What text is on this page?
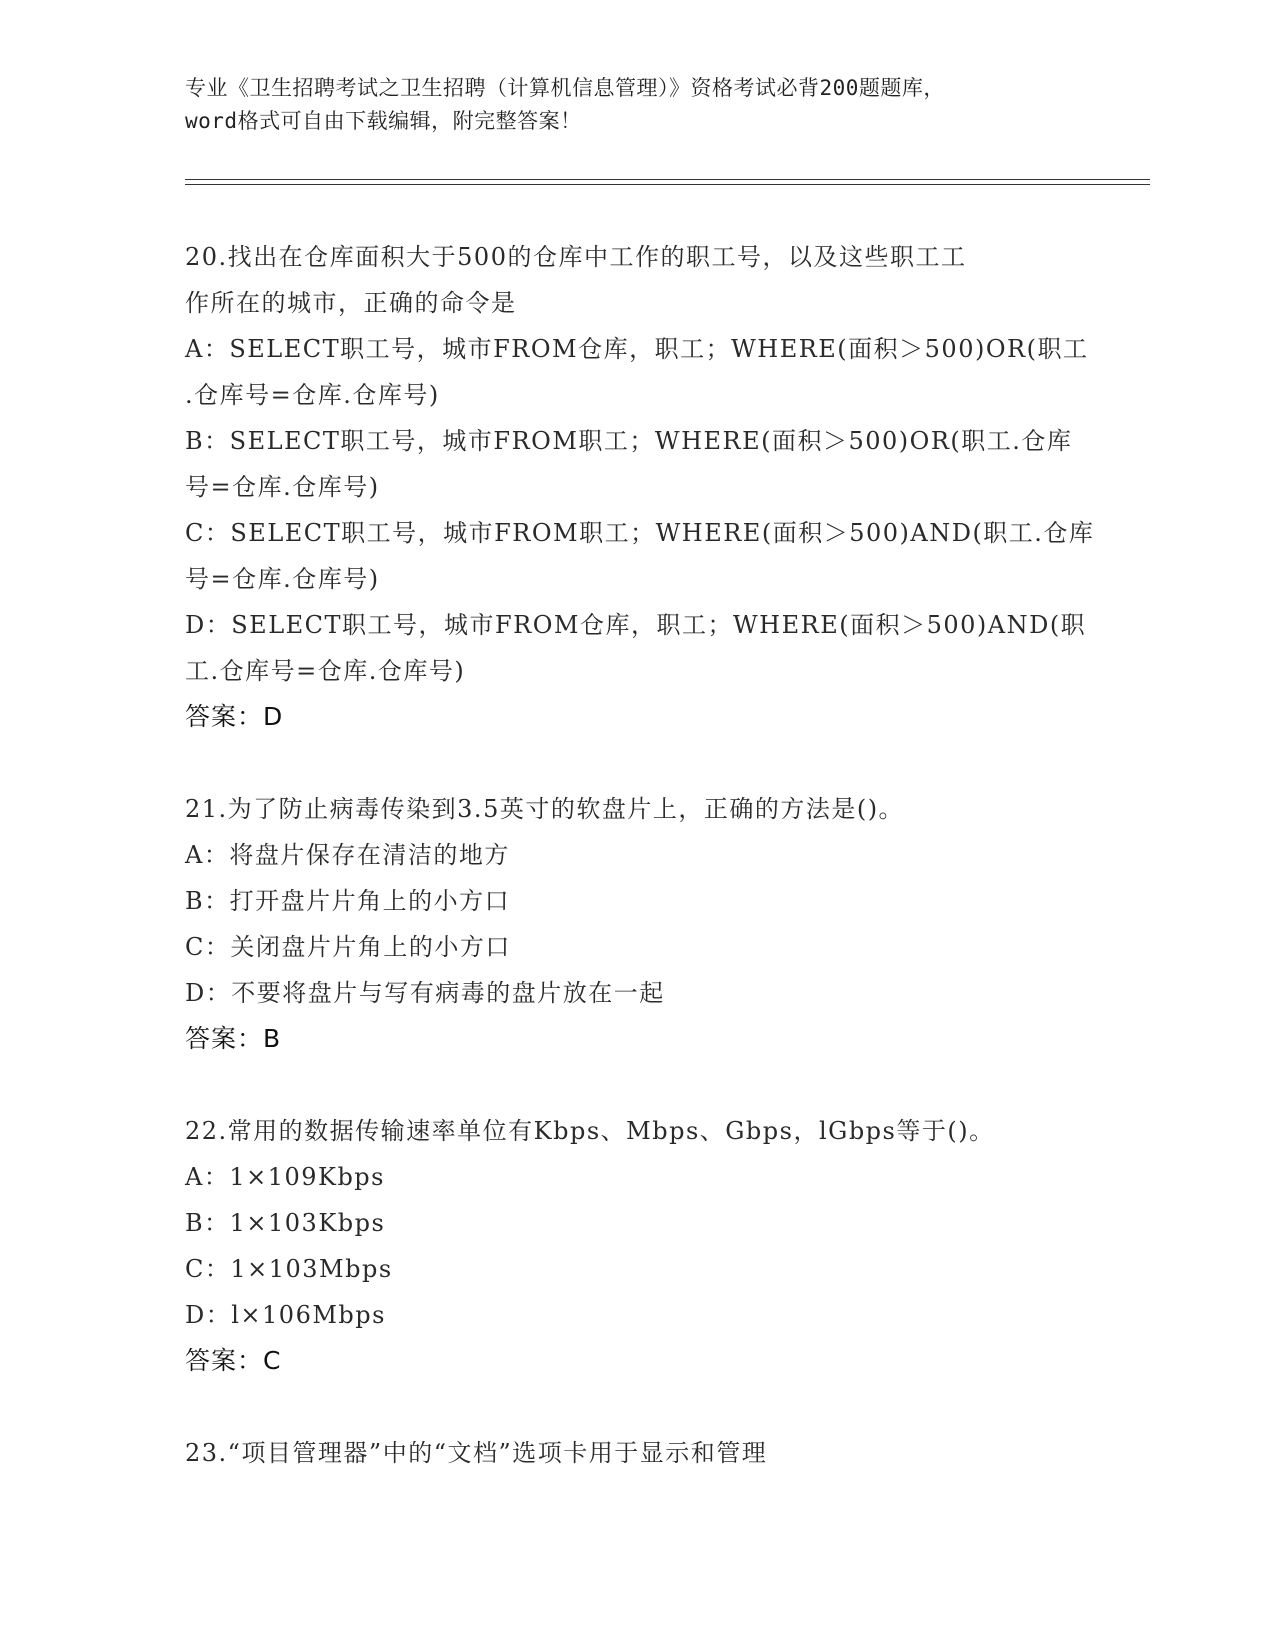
专业《卫生招聘考试之卫生招聘（计算机信息管理）》资格考试必背200题题库，
word格式可自由下载编辑，附完整答案！
20.找出在仓库面积大于500的仓库中工作的职工号，以及这些职工工
作所在的城市，正确的命令是
A：SELECT职工号，城市FROM仓库，职工；WHERE(面积＞500)OR(职工
.仓库号=仓库.仓库号)
B：SELECT职工号，城市FROM职工；WHERE(面积＞500)OR(职工.仓库
号=仓库.仓库号)
C：SELECT职工号，城市FROM职工；WHERE(面积＞500)AND(职工.仓库
号=仓库.仓库号)
D：SELECT职工号，城市FROM仓库，职工；WHERE(面积＞500)AND(职
工.仓库号=仓库.仓库号)
答案：D
21.为了防止病毒传染到3.5英寸的软盘片上，正确的方法是()。
A：将盘片保存在清洁的地方
B：打开盘片片角上的小方口
C：关闭盘片片角上的小方口
D：不要将盘片与写有病毒的盘片放在一起
答案：B
22.常用的数据传输速率单位有Kbps、Mbps、Gbps，lGbps等于()。
A：1×109Kbps
B：1×103Kbps
C：1×103Mbps
D：l×106Mbps
答案：C
23.“项目管理器”中的“文档”选项卡用于显示和管理
